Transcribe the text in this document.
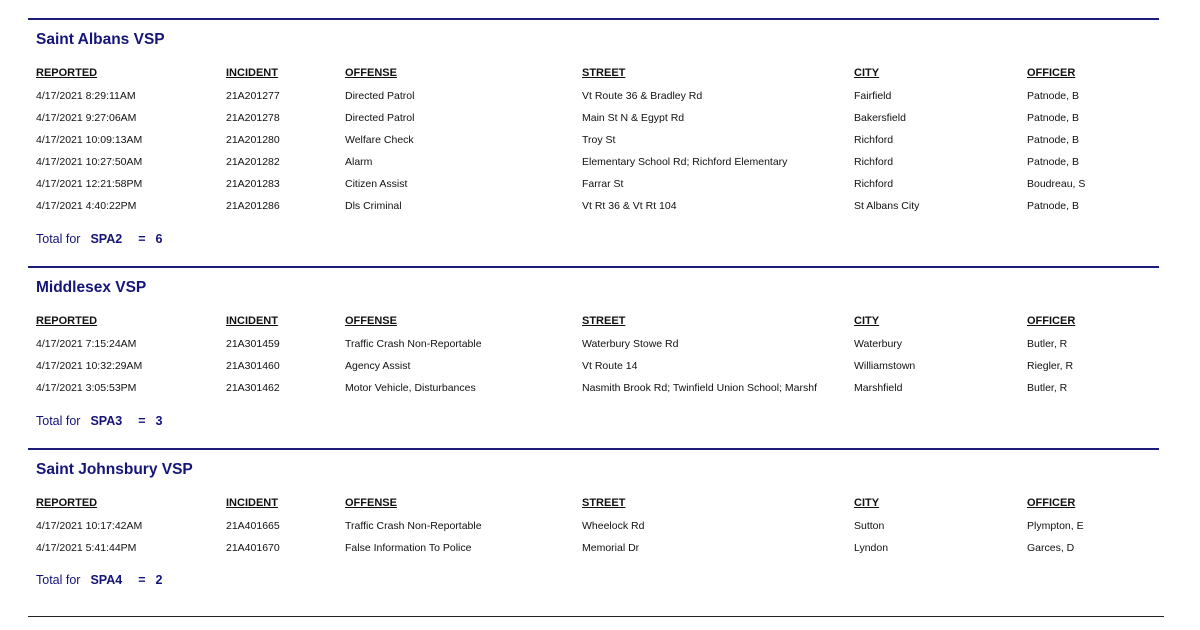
Saint Albans VSP
REPORTED	INCIDENT	OFFENSE	STREET	CITY	OFFICER
4/17/2021 8:29:11AM	21A201277	Directed Patrol	Vt Route 36 & Bradley Rd	Fairfield	Patnode, B
4/17/2021 9:27:06AM	21A201278	Directed Patrol	Main St N & Egypt Rd	Bakersfield	Patnode, B
4/17/2021 10:09:13AM	21A201280	Welfare Check	Troy St	Richford	Patnode, B
4/17/2021 10:27:50AM	21A201282	Alarm	Elementary School Rd; Richford Elementary	Richford	Patnode, B
4/17/2021 12:21:58PM	21A201283	Citizen Assist	Farrar St	Richford	Boudreau, S
4/17/2021 4:40:22PM	21A201286	Dls Criminal	Vt Rt 36 & Vt Rt 104	St Albans City	Patnode, B
Total for SPA2 = 6
Middlesex VSP
REPORTED	INCIDENT	OFFENSE	STREET	CITY	OFFICER
4/17/2021 7:15:24AM	21A301459	Traffic Crash Non-Reportable	Waterbury Stowe Rd	Waterbury	Butler, R
4/17/2021 10:32:29AM	21A301460	Agency Assist	Vt Route 14	Williamstown	Riegler, R
4/17/2021 3:05:53PM	21A301462	Motor Vehicle, Disturbances	Nasmith Brook Rd; Twinfield Union School; Marshf	Marshfield	Butler, R
Total for SPA3 = 3
Saint Johnsbury VSP
REPORTED	INCIDENT	OFFENSE	STREET	CITY	OFFICER
4/17/2021 10:17:42AM	21A401665	Traffic Crash Non-Reportable	Wheelock Rd	Sutton	Plympton, E
4/17/2021 5:41:44PM	21A401670	False Information To Police	Memorial Dr	Lyndon	Garces, D
Total for SPA4 = 2
